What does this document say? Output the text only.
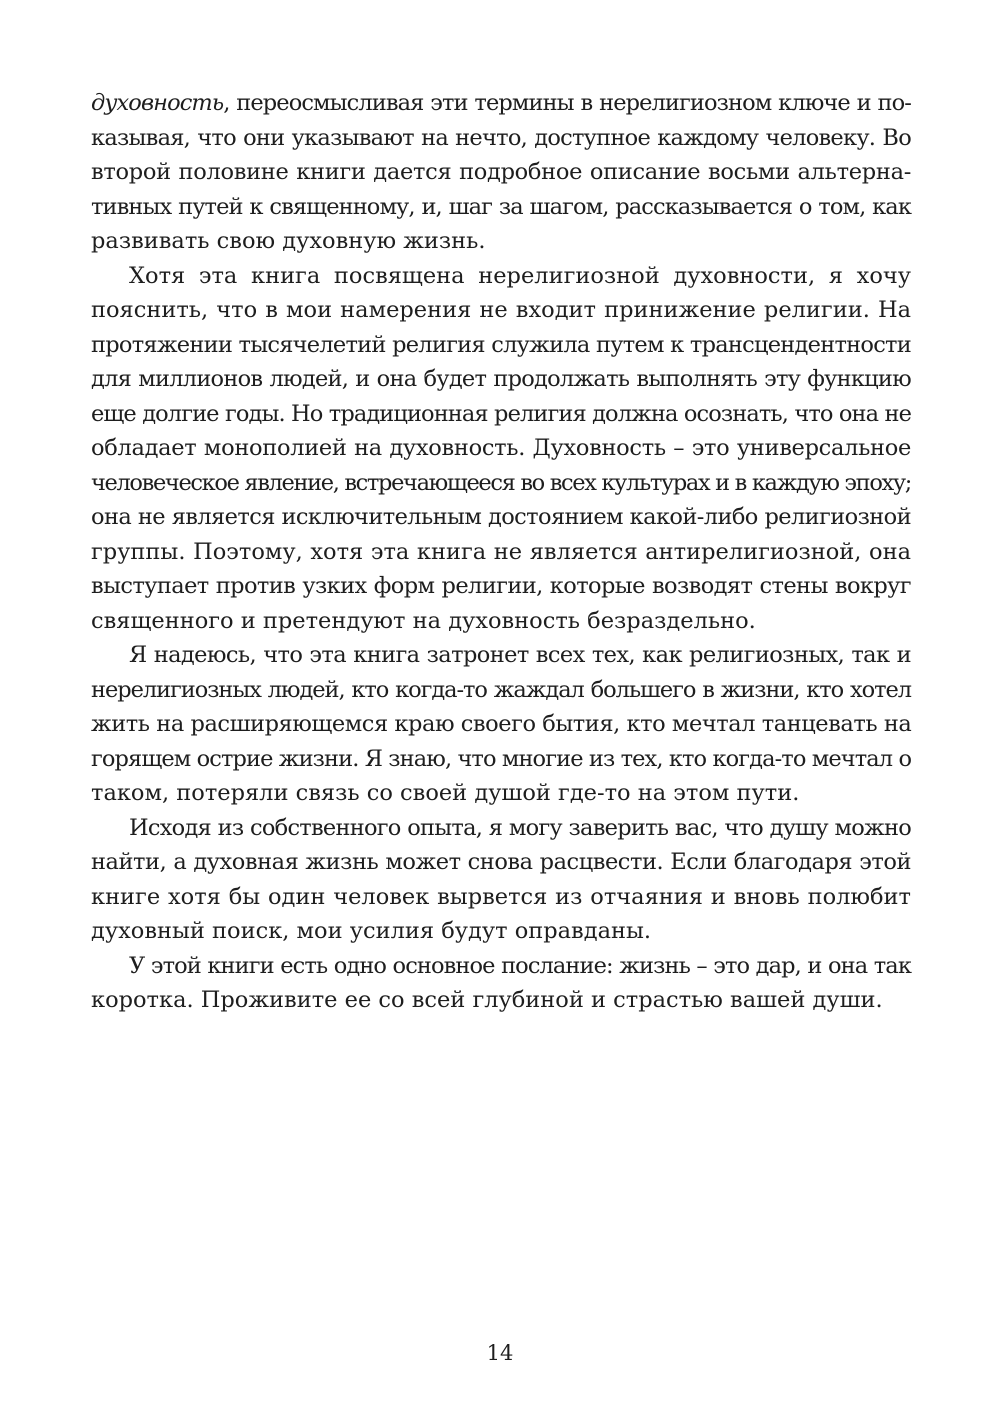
духовность, переосмысливая эти термины в нерелигиозном ключе и по-
казывая, что они указывают на нечто, доступное каждому человеку. Во
второй половине книги дается подробное описание восьми альтерна-
тивных путей к священному, и, шаг за шагом, рассказывается о том, как
развивать свою духовную жизнь.
Хотя эта книга посвящена нерелигиозной духовности, я хочу
пояснить, что в мои намерения не входит принижение религии. На
протяжении тысячелетий религия служила путем к трансцендентности
для миллионов людей, и она будет продолжать выполнять эту функцию
еще долгие годы. Но традиционная религия должна осознать, что она не
обладает монополией на духовность. Духовность – это универсальное
человеческое явление, встречающееся во всех культурах и в каждую эпоху;
она не является исключительным достоянием какой-либо религиозной
группы. Поэтому, хотя эта книга не является антирелигиозной, она
выступает против узких форм религии, которые возводят стены вокруг
священного и претендуют на духовность безраздельно.
Я надеюсь, что эта книга затронет всех тех, как религиозных, так и
нерелигиозных людей, кто когда-то жаждал большего в жизни, кто хотел
жить на расширяющемся краю своего бытия, кто мечтал танцевать на
горящем острие жизни. Я знаю, что многие из тех, кто когда-то мечтал о
таком, потеряли связь со своей душой где-то на этом пути.
Исходя из собственного опыта, я могу заверить вас, что душу можно
найти, а духовная жизнь может снова расцвести. Если благодаря этой
книге хотя бы один человек вырвется из отчаяния и вновь полюбит
духовный поиск, мои усилия будут оправданы.
У этой книги есть одно основное послание: жизнь – это дар, и она так
коротка. Проживите ее со всей глубиной и страстью вашей души.
14
